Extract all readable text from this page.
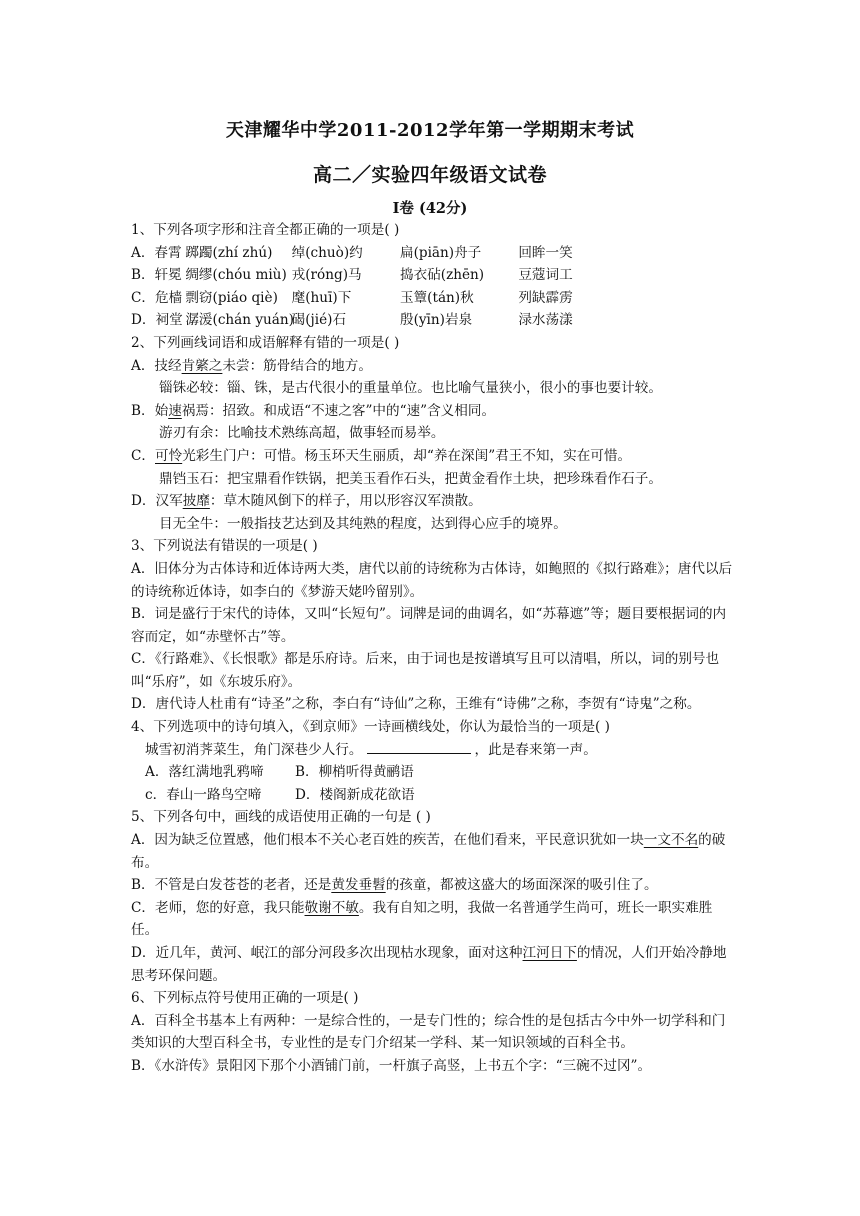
天津耀华中学2011-2012学年第一学期期末考试
高二／实验四年级语文试卷
Ⅰ卷 (42分)
1、下列各项字形和注音全都正确的一项是( )
A．春霄 踯躅(zhí zhú) 绰(chuò)约	扁(piān)舟子	回眸一笑
B．轩冕 绸缪(chóu miù) 戎(róng)马	捣衣砧(zhēn)	豆蔻词工
C．危樯 剽窃(piáo qiè) 麾(huī)下	玉簟(tán)秋	列缺霹雳
D．祠堂 潺湲(chán yuán) 碣(jié)石	殷(yīn)岩泉	渌水荡漾
2、下列画线词语和成语解释有错的一项是( )
A．技经肯綮之未尝：筋骨结合的地方。
锱铢必较：锱、铢，是古代很小的重量单位。也比喻气量狭小，很小的事也要计较。
B．始速祸焉：招致。和成语“不速之客”中的“速”含义相同。
游刃有余：比喻技术熟练高超，做事轻而易举。
C．可怜光彩生门户：可惜。杨玉环天生丽质，却“养在深闺”君王不知，实在可惜。
鼎铛玉石：把宝鼎看作铁锅，把美玉看作石头，把黄金看作土块，把珍珠看作石子。
D．汉军披靡：草木随风倒下的样子，用以形容汉军溃散。
目无全牛：一般指技艺达到及其纯熟的程度，达到得心应手的境界。
3、下列说法有错误的一项是( )
A．旧体分为古体诗和近体诗两大类，唐代以前的诗统称为古体诗，如鲍照的《拟行路难》；唐代以后的诗统称近体诗，如李白的《梦游天姥吟留别》。
B．词是盛行于宋代的诗体，又叫“长短句”。词牌是词的曲调名，如“苏幕遮”等；题目要根据词的内容而定，如“赤壁怀古”等。
C．《行路难》、《长恨歌》都是乐府诗。后来，由于词也是按谱填写且可以清唱，所以，词的别号也叫“乐府”，如《东坡乐府》。
D．唐代诗人杜甫有“诗圣”之称，李白有“诗仙”之称，王维有“诗佛”之称，李贺有“诗鬼”之称。
4、下列选项中的诗句填入，《到京师》一诗画横线处，你认为最恰当的一项是( )
城雪初消荠菜生，角门深巷少人行。	，此是春来第一声。
A．落红满地乳鸦啼 B．柳梢听得黄鹂语
c．春山一路鸟空啼 D．楼阁新成花欲语
5、下列各句中，画线的成语使用正确的一句是 ( )
A．因为缺乏位置感，他们根本不关心老百姓的疾苦，在他们看来，平民意识犹如一块一文不名的破布。
B．不管是白发苍苍的老者，还是黄发垂髫的孩童，都被这盛大的场面深深的吸引住了。
C．老师，您的好意，我只能敬谢不敏。我有自知之明，我做一名普通学生尚可，班长一职实难胜任。
D．近几年，黄河、岷江的部分河段多次出现枯水现象，面对这种江河日下的情况，人们开始冷静地思考环保问题。
6、下列标点符号使用正确的一项是( )
A．百科全书基本上有两种：一是综合性的，一是专门性的；综合性的是包括古今中外一切学科和门类知识的大型百科全书，专业性的是专门介绍某一学科、某一知识领域的百科全书。
B．《水浒传》景阳冈下那个小酒铺门前，一杆旗子高竖，上书五个字：“三碗不过冈”。
